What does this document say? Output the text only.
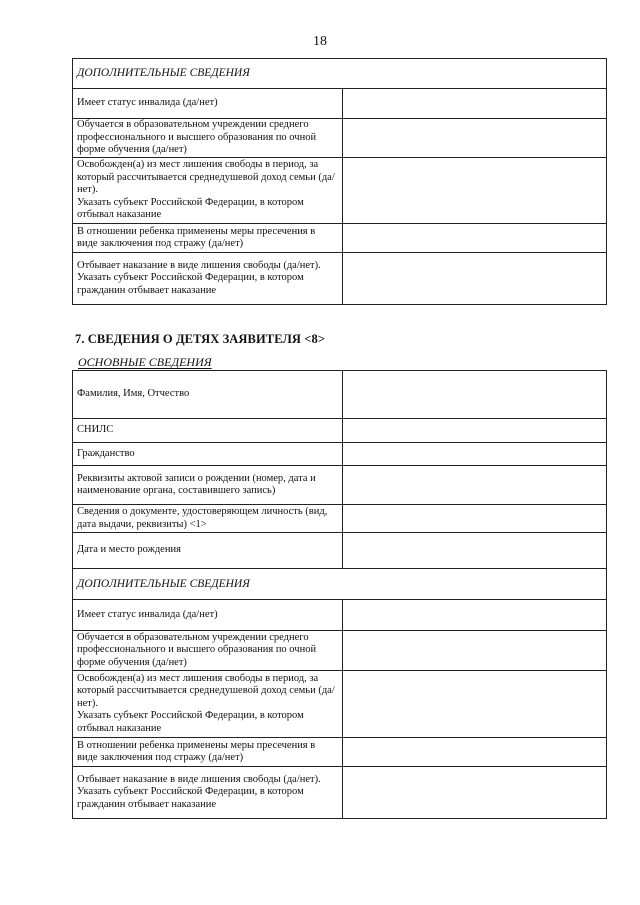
18
ДОПОЛНИТЕЛЬНЫЕ СВЕДЕНИЯ	
Имеет статус инвалида (да/нет)	
Обучается в образовательном учреждении среднего профессионального и высшего образования по очной форме обучения (да/нет)	
Освобожден(а) из мест лишения свободы в период, за который рассчитывается среднедушевой доход семьи (да/нет).
Указать субъект Российской Федерации, в котором отбывал наказание	
В отношении ребенка применены меры пресечения в виде заключения под стражу (да/нет)	
Отбывает наказание в виде лишения свободы (да/нет).
Указать субъект Российской Федерации, в котором гражданин отбывает наказание	
7. СВЕДЕНИЯ О ДЕТЯХ ЗАЯВИТЕЛЯ <8>
ОСНОВНЫЕ СВЕДЕНИЯ
Фамилия, Имя, Отчество	
СНИЛС	
Гражданство	
Реквизиты актовой записи о рождении (номер, дата и наименование органа, составившего запись)	
Сведения о документе, удостоверяющем личность (вид, дата выдачи, реквизиты) <1>	
Дата и место рождения	
ДОПОЛНИТЕЛЬНЫЕ СВЕДЕНИЯ	
Имеет статус инвалида (да/нет)	
Обучается в образовательном учреждении среднего профессионального и высшего образования по очной форме обучения (да/нет)	
Освобожден(а) из мест лишения свободы в период, за который рассчитывается среднедушевой доход семьи (да/нет).
Указать субъект Российской Федерации, в котором отбывал наказание	
В отношении ребенка применены меры пресечения в виде заключения под стражу (да/нет)	
Отбывает наказание в виде лишения свободы (да/нет).
Указать субъект Российской Федерации, в котором гражданин отбывает наказание	
